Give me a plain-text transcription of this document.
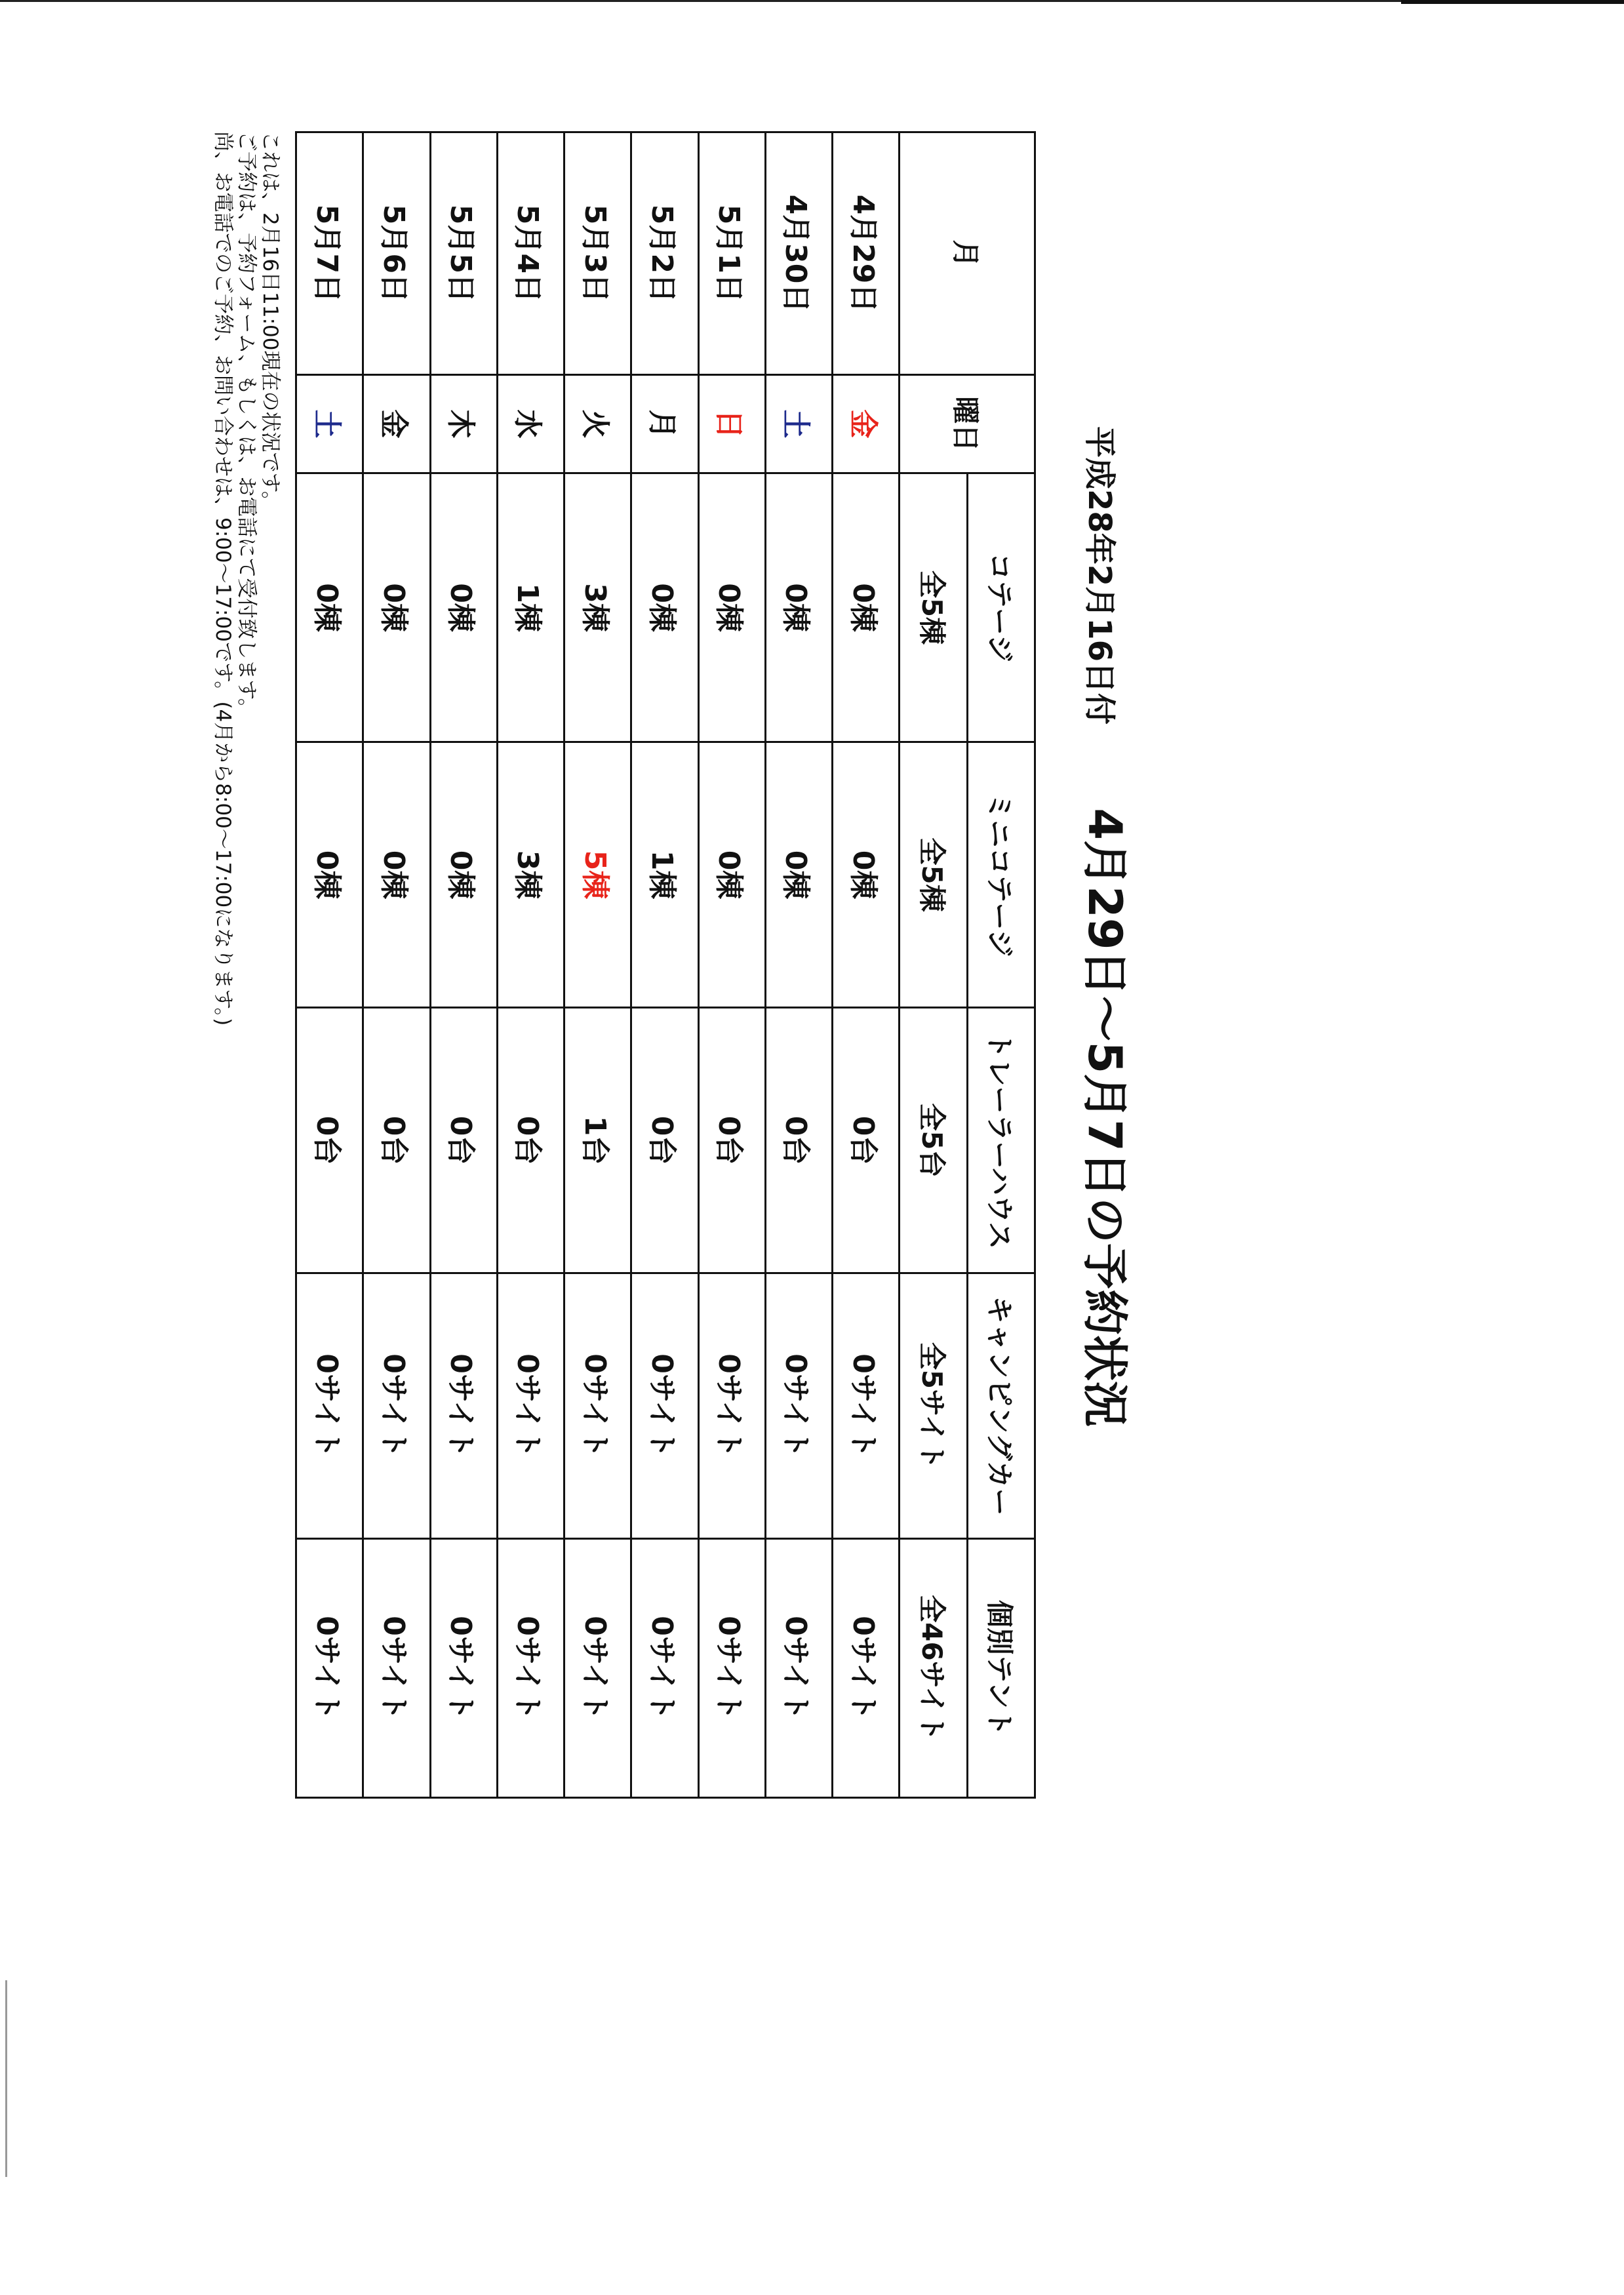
平成28年2月16日付 4月29日～5月7日の予約状況
月	曜日	コテージ	ミニコテージ	トレーラーハウス	キャンピングカー	個別テント
		全5棟	全5棟	全5台	全5サイト	全46サイト
4月29日	金	0棟	0棟	0台	0サイト	0サイト
4月30日	土	0棟	0棟	0台	0サイト	0サイト
5月1日	日	0棟	0棟	0台	0サイト	0サイト
5月2日	月	0棟	1棟	0台	0サイト	0サイト
5月3日	火	3棟	5棟	1台	0サイト	0サイト
5月4日	水	1棟	3棟	0台	0サイト	0サイト
5月5日	木	0棟	0棟	0台	0サイト	0サイト
5月6日	金	0棟	0棟	0台	0サイト	0サイト
5月7日	土	0棟	0棟	0台	0サイト	0サイト
これは、2月16日11:00現在の状況です。
ご予約は、予約フォーム、もしくは、お電話にて受付致します。
尚、お電話でのご予約、お問い合わせは、9:00～17:00です。(4月から8:00～17:00になります。)
